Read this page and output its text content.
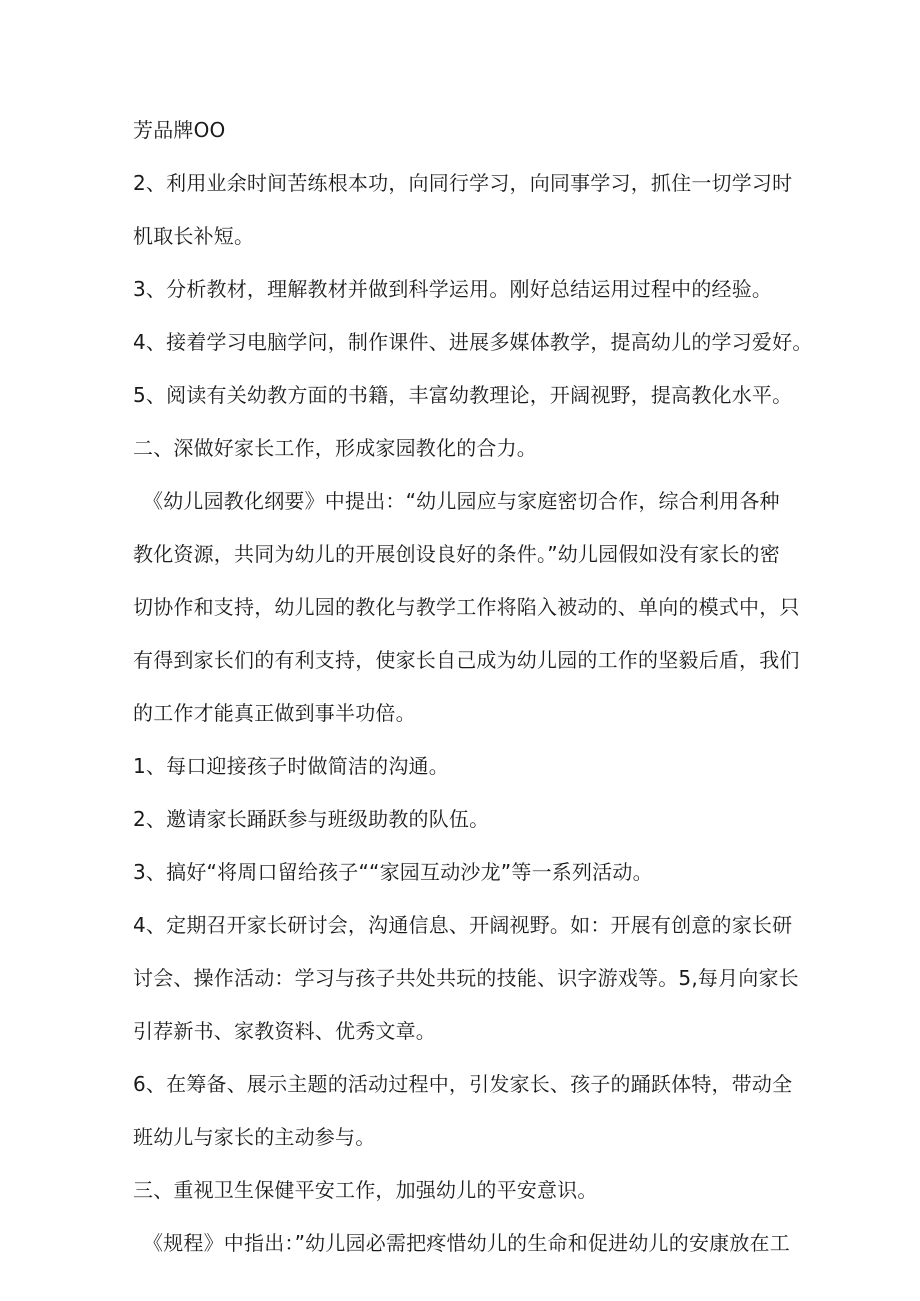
芳品牌OO
2、利用业余时间苦练根本功，向同行学习，向同事学习，抓住一切学习时
机取长补短。
3、分析教材，理解教材并做到科学运用。刚好总结运用过程中的经验。
4、接着学习电脑学问，制作课件、进展多媒体教学，提高幼儿的学习爱好。
5、阅读有关幼教方面的书籍，丰富幼教理论，开阔视野，提高教化水平。
二、深做好家长工作，形成家园教化的合力。
《幼儿园教化纲要》中提出：“幼儿园应与家庭密切合作，综合利用各种
教化资源，共同为幼儿的开展创设良好的条件。”幼儿园假如没有家长的密
切协作和支持，幼儿园的教化与教学工作将陷入被动的、单向的模式中，只
有得到家长们的有利支持，使家长自己成为幼儿园的工作的坚毅后盾，我们
的工作才能真正做到事半功倍。
1、每口迎接孩子时做简洁的沟通。
2、邀请家长踊跃参与班级助教的队伍。
3、搞好“将周口留给孩子““家园互动沙龙”等一系列活动。
4、定期召开家长研讨会，沟通信息、开阔视野。如：开展有创意的家长研
讨会、操作活动：学习与孩子共处共玩的技能、识字游戏等。5,每月向家长
引荐新书、家教资料、优秀文章。
6、在筹备、展示主题的活动过程中，引发家长、孩子的踊跃体特，带动全
班幼儿与家长的主动参与。
三、重视卫生保健平安工作，加强幼儿的平安意识。
《规程》中指出：”幼儿园必需把疼惜幼儿的生命和促进幼儿的安康放在工
